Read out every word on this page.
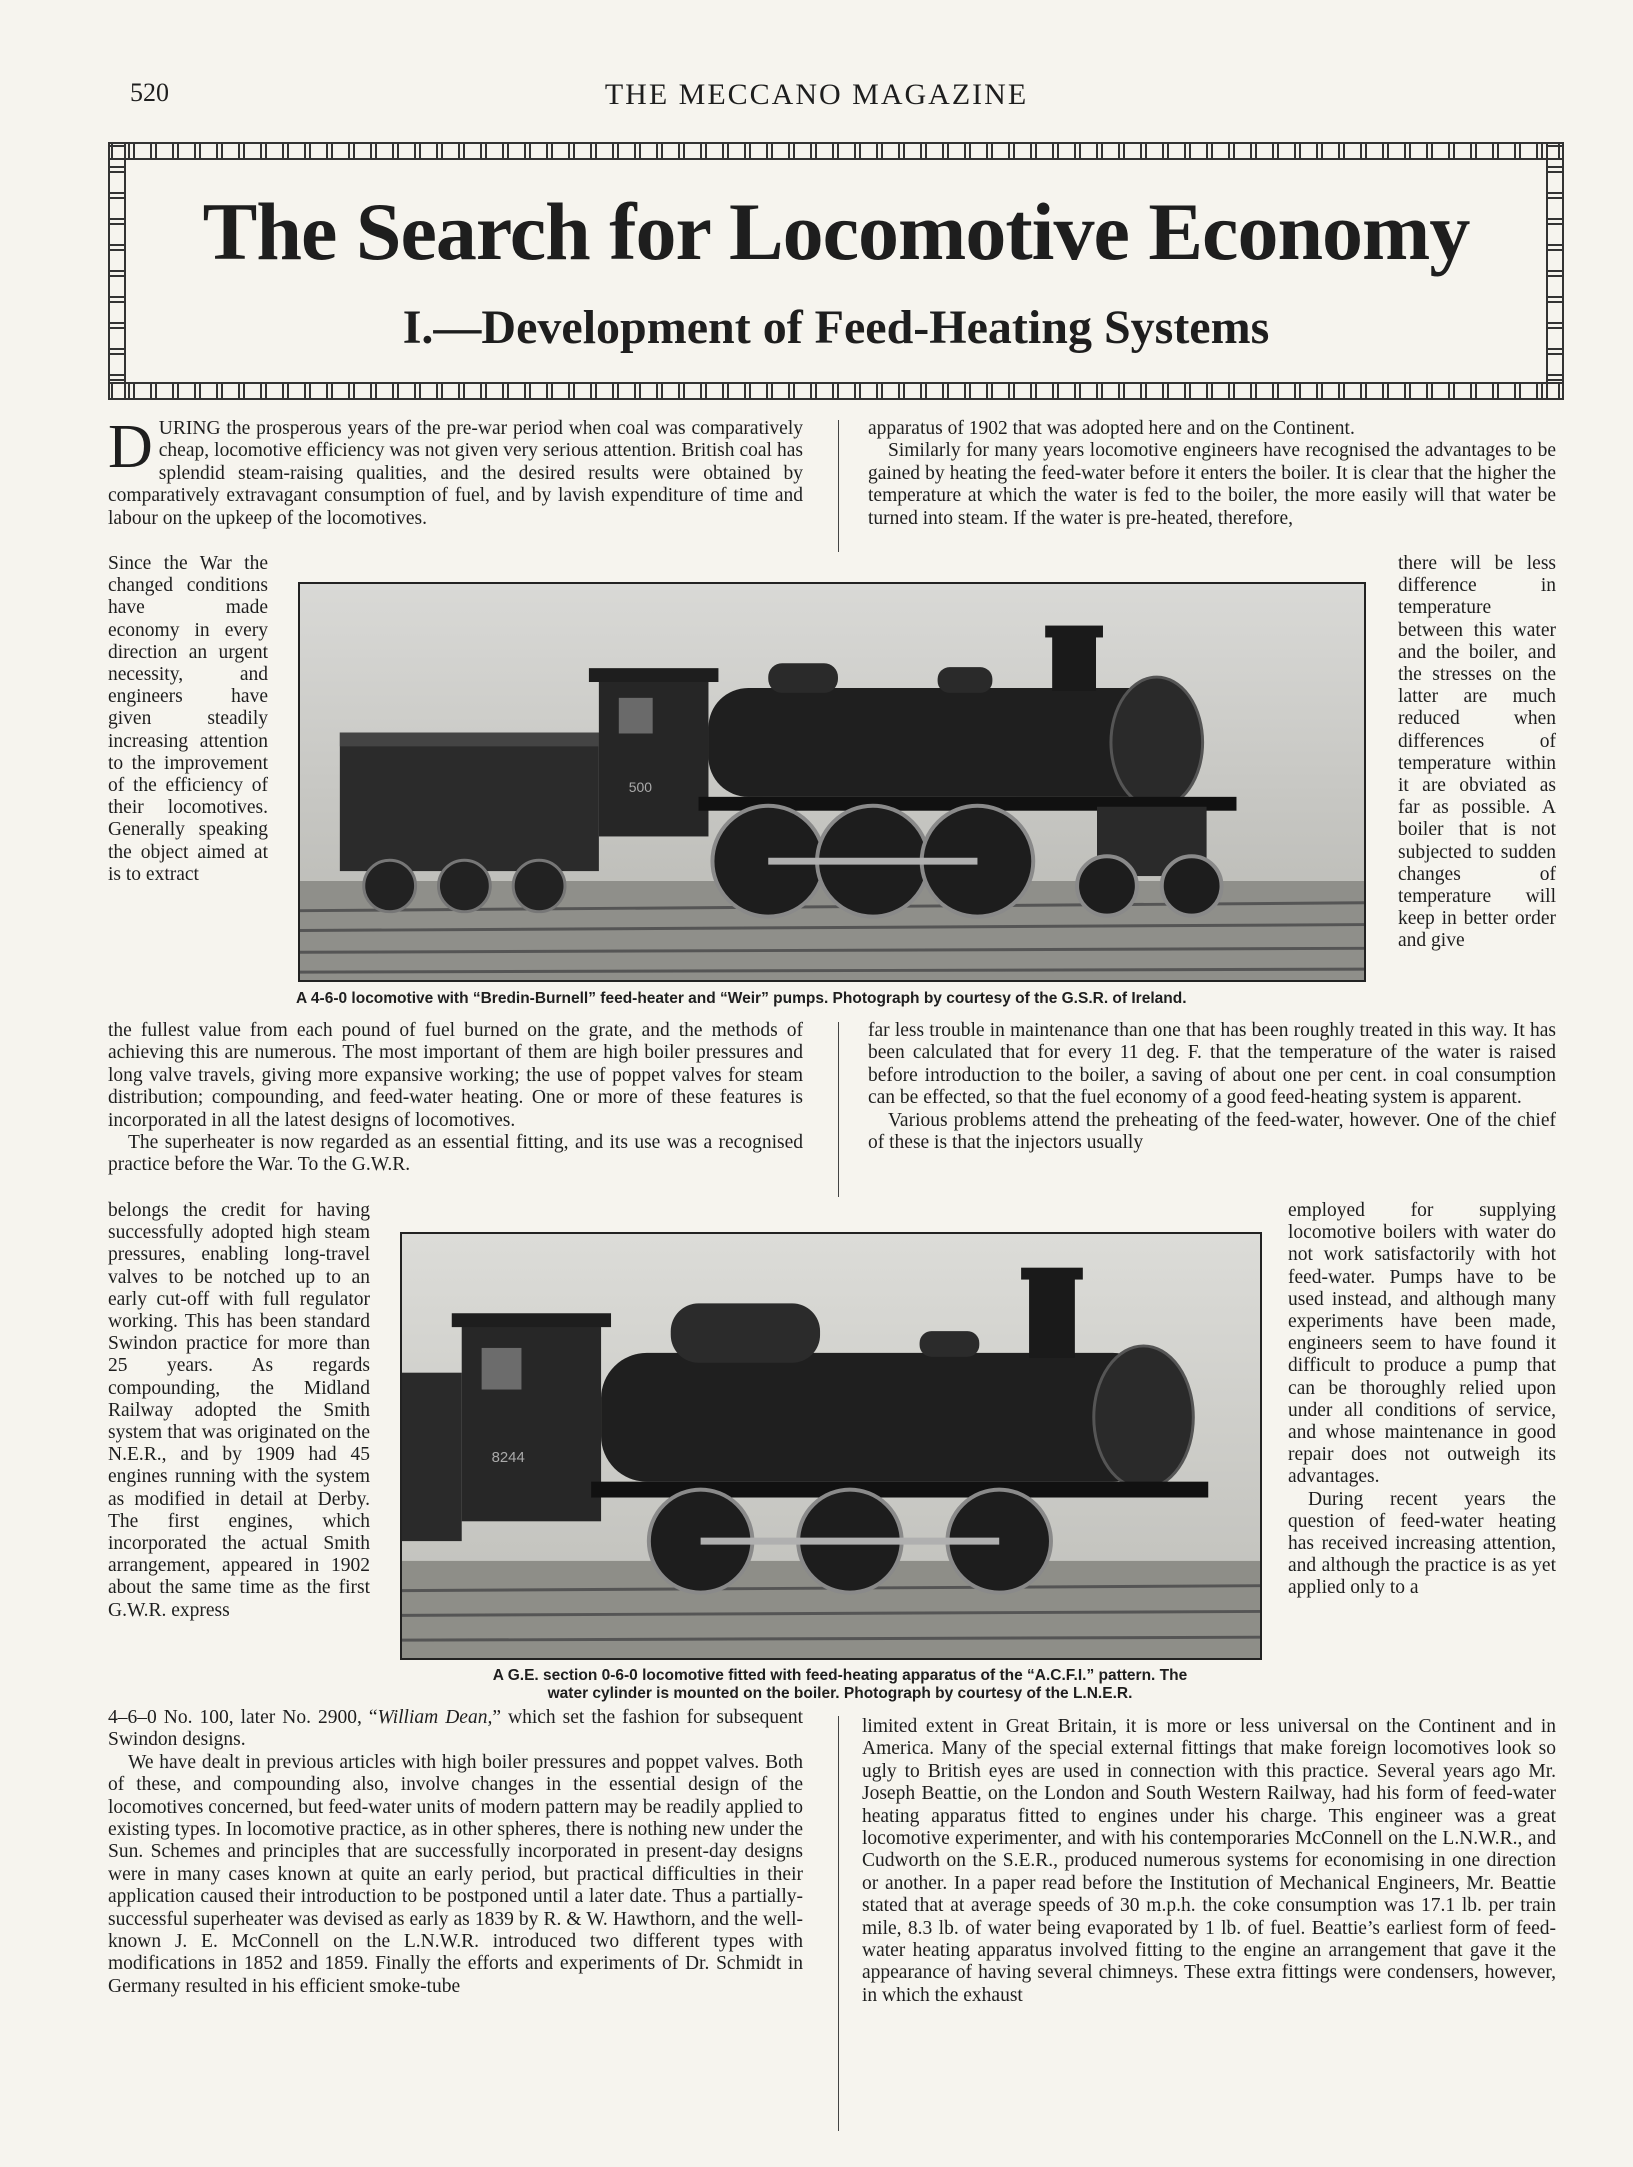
520	THE MECCANO MAGAZINE
The Search for Locomotive Economy
I.—Development of Feed-Heating Systems
D URING the prosperous years of the pre-war period when coal was comparatively cheap, locomotive efficiency was not given very serious attention. British coal has splendid steam-raising qualities, and the desired results were obtained by comparatively extravagant consumption of fuel, and by lavish expenditure of time and labour on the upkeep of the locomotives.

apparatus of 1902 that was adopted here and on the Continent.

Similarly for many years locomotive engineers have recognised the advantages to be gained by heating the feed-water before it enters the boiler. It is clear that the higher the temperature at which the water is fed to the boiler, the more easily will that water be turned into steam. If the water is pre-heated, therefore,

Since the War the changed conditions have made economy in every direction an urgent necessity, and engineers have given steadily increasing attention to the improvement of the efficiency of their locomotives. Generally speaking the object aimed at is to extract
there will be less difference in temperature between this water and the boiler, and the stresses on the latter are much reduced when differences of temperature within it are obviated as far as possible. A boiler that is not subjected to sudden changes of temperature will keep in better order and give
500
A 4-6-0 locomotive with “Bredin-Burnell” feed-heater and “Weir” pumps. Photograph by courtesy of the G.S.R. of Ireland.

the fullest value from each pound of fuel burned on the grate, and the methods of achieving this are numerous. The most important of them are high boiler pressures and long valve travels, giving more expansive working; the use of poppet valves for steam distribution; compounding, and feed-water heating. One or more of these features is incorporated in all the latest designs of locomotives.

The superheater is now regarded as an essential fitting, and its use was a recognised practice before the War. To the G.W.R.

far less trouble in maintenance than one that has been roughly treated in this way. It has been calculated that for every 11 deg. F. that the temperature of the water is raised before introduction to the boiler, a saving of about one per cent. in coal consumption can be effected, so that the fuel economy of a good feed-heating system is apparent.

Various problems attend the preheating of the feed-water, however. One of the chief of these is that the injectors usually

belongs the credit for having successfully adopted high steam pressures, enabling long-travel valves to be notched up to an early cut-off with full regulator working. This has been standard Swindon practice for more than 25 years. As regards compounding, the Midland Railway adopted the Smith system that was originated on the N.E.R., and by 1909 had 45 engines running with the system as modified in detail at Derby. The first engines, which incorporated the actual Smith arrangement, appeared in 1902 about the same time as the first G.W.R. express

employed for supplying locomotive boilers with water do not work satisfactorily with hot feed-water. Pumps have to be used instead, and although many experiments have been made, engineers seem to have found it difficult to produce a pump that can be thoroughly relied upon under all conditions of service, and whose maintenance in good repair does not outweigh its advantages.

During recent years the question of feed-water heating has received increasing attention, and although the practice is as yet applied only to a

8244
A G.E. section 0-6-0 locomotive fitted with feed-heating apparatus of the “A.C.F.I.” pattern. The
water cylinder is mounted on the boiler. Photograph by courtesy of the L.N.E.R.

4–6–0 No. 100, later No. 2900, “William Dean,” which set the fashion for subsequent Swindon designs.

We have dealt in previous articles with high boiler pressures and poppet valves. Both of these, and compounding also, involve changes in the essential design of the locomotives concerned, but feed-water units of modern pattern may be readily applied to existing types. In locomotive practice, as in other spheres, there is nothing new under the Sun. Schemes and principles that are successfully incorporated in present-day designs were in many cases known at quite an early period, but practical difficulties in their application caused their introduction to be postponed until a later date. Thus a partially-successful superheater was devised as early as 1839 by R. & W. Hawthorn, and the well-known J. E. McConnell on the L.N.W.R. introduced two different types with modifications in 1852 and 1859. Finally the efforts and experiments of Dr. Schmidt in Germany resulted in his efficient smoke-tube

limited extent in Great Britain, it is more or less universal on the Continent and in America. Many of the special external fittings that make foreign locomotives look so ugly to British eyes are used in connection with this practice. Several years ago Mr. Joseph Beattie, on the London and South Western Railway, had his form of feed-water heating apparatus fitted to engines under his charge. This engineer was a great locomotive experimenter, and with his contemporaries McConnell on the L.N.W.R., and Cudworth on the S.E.R., produced numerous systems for economising in one direction or another. In a paper read before the Institution of Mechanical Engineers, Mr. Beattie stated that at average speeds of 30 m.p.h. the coke consumption was 17.1 lb. per train mile, 8.3 lb. of water being evaporated by 1 lb. of fuel. Beattie’s earliest form of feed-water heating apparatus involved fitting to the engine an arrangement that gave it the appearance of having several chimneys. These extra fittings were condensers, however, in which the exhaust
